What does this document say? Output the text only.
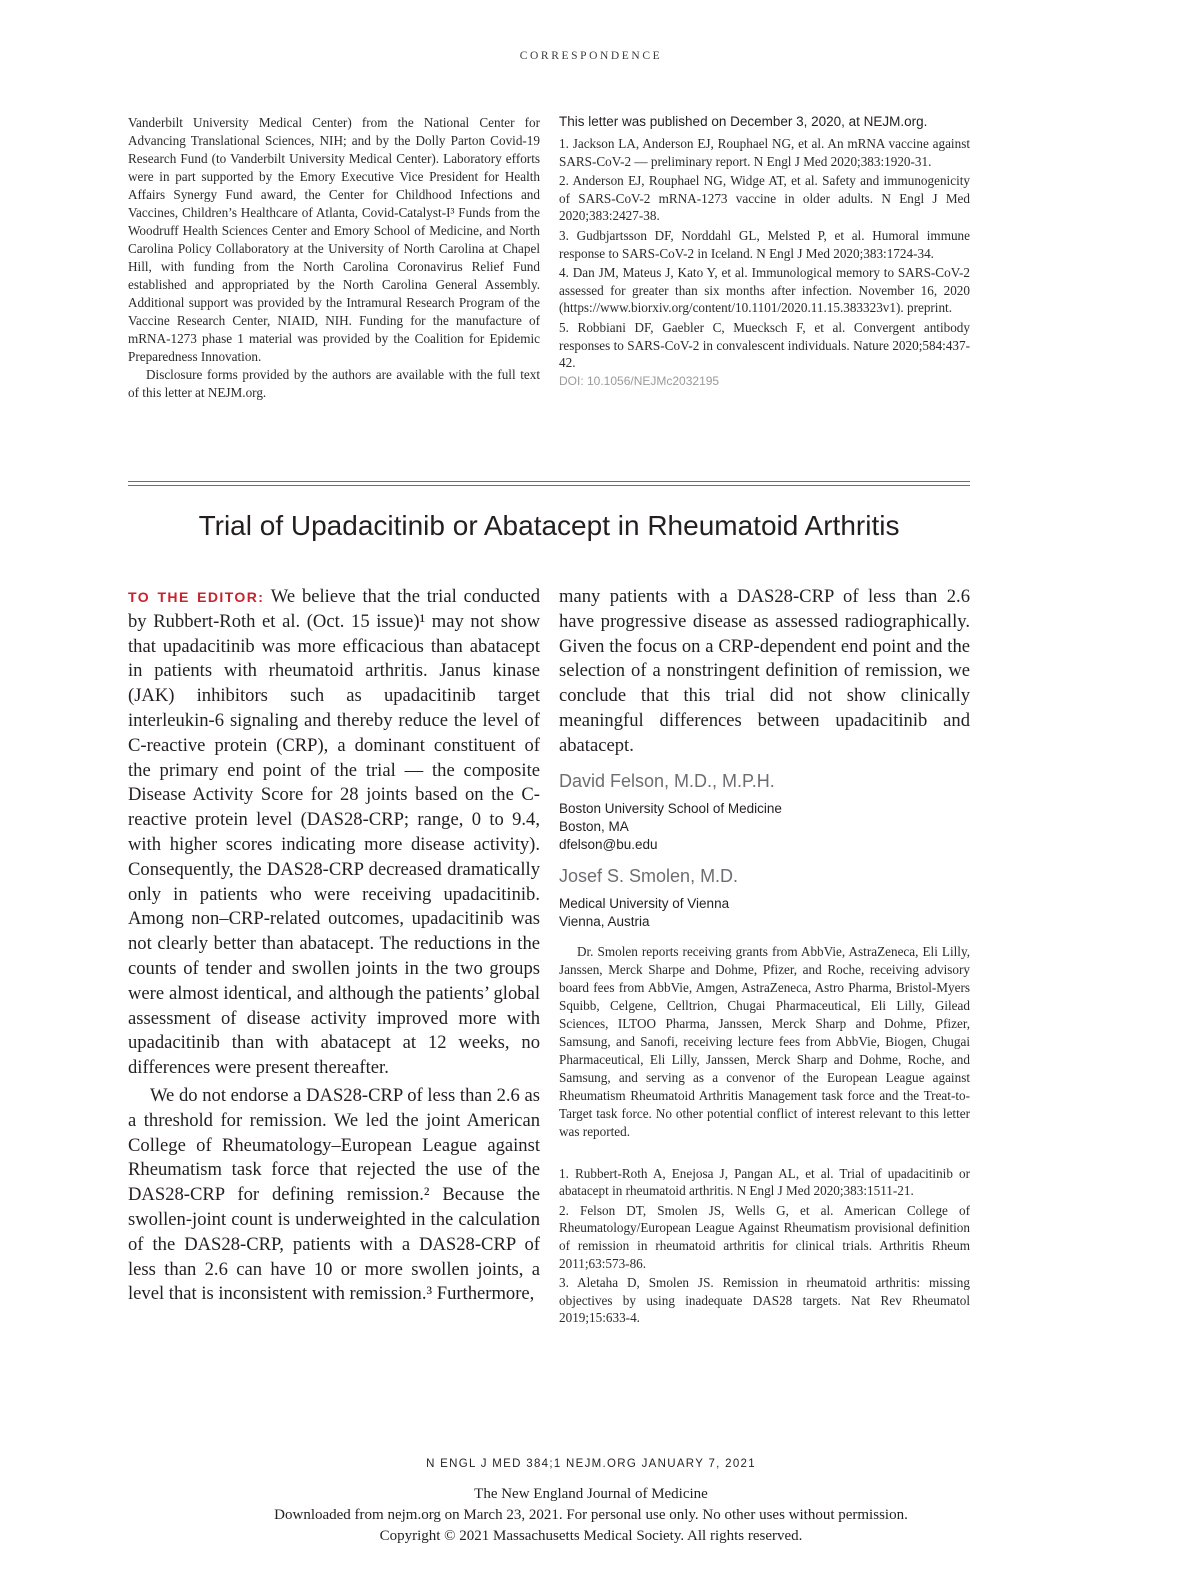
CORRESPONDENCE

Vanderbilt University Medical Center) from the National Center for Advancing Translational Sciences, NIH; and by the Dolly Parton Covid-19 Research Fund (to Vanderbilt University Medical Center). Laboratory efforts were in part supported by the Emory Executive Vice President for Health Affairs Synergy Fund award, the Center for Childhood Infections and Vaccines, Children’s Healthcare of Atlanta, Covid-Catalyst-I³ Funds from the Woodruff Health Sciences Center and Emory School of Medicine, and North Carolina Policy Collaboratory at the University of North Carolina at Chapel Hill, with funding from the North Carolina Coronavirus Relief Fund established and appropriated by the North Carolina General Assembly. Additional support was provided by the Intramural Research Program of the Vaccine Research Center, NIAID, NIH. Funding for the manufacture of mRNA-1273 phase 1 material was provided by the Coalition for Epidemic Preparedness Innovation.

Disclosure forms provided by the authors are available with the full text of this letter at NEJM.org.

This letter was published on December 3, 2020, at NEJM.org.

1. Jackson LA, Anderson EJ, Rouphael NG, et al. An mRNA vaccine against SARS-CoV-2 — preliminary report. N Engl J Med 2020;383:1920-31.

2. Anderson EJ, Rouphael NG, Widge AT, et al. Safety and immunogenicity of SARS-CoV-2 mRNA-1273 vaccine in older adults. N Engl J Med 2020;383:2427-38.

3. Gudbjartsson DF, Norddahl GL, Melsted P, et al. Humoral immune response to SARS-CoV-2 in Iceland. N Engl J Med 2020;383:1724-34.

4. Dan JM, Mateus J, Kato Y, et al. Immunological memory to SARS-CoV-2 assessed for greater than six months after infection. November 16, 2020 (https://www.biorxiv.org/content/10.1101/2020.11.15.383323v1). preprint.

5. Robbiani DF, Gaebler C, Muecksch F, et al. Convergent antibody responses to SARS-CoV-2 in convalescent individuals. Nature 2020;584:437-42.

DOI: 10.1056/NEJMc2032195
Trial of Upadacitinib or Abatacept in Rheumatoid Arthritis

TO THE EDITOR: We believe that the trial conducted by Rubbert-Roth et al. (Oct. 15 issue)¹ may not show that upadacitinib was more efficacious than abatacept in patients with rheumatoid arthritis. Janus kinase (JAK) inhibitors such as upadacitinib target interleukin-6 signaling and thereby reduce the level of C-reactive protein (CRP), a dominant constituent of the primary end point of the trial — the composite Disease Activity Score for 28 joints based on the C-reactive protein level (DAS28-CRP; range, 0 to 9.4, with higher scores indicating more disease activity). Consequently, the DAS28-CRP decreased dramatically only in patients who were receiving upadacitinib. Among non–CRP-related outcomes, upadacitinib was not clearly better than abatacept. The reductions in the counts of tender and swollen joints in the two groups were almost identical, and although the patients’ global assessment of disease activity improved more with upadacitinib than with abatacept at 12 weeks, no differences were present thereafter.

We do not endorse a DAS28-CRP of less than 2.6 as a threshold for remission. We led the joint American College of Rheumatology–European League against Rheumatism task force that rejected the use of the DAS28-CRP for defining remission.² Because the swollen-joint count is underweighted in the calculation of the DAS28-CRP, patients with a DAS28-CRP of less than 2.6 can have 10 or more swollen joints, a level that is inconsistent with remission.³ Furthermore,

many patients with a DAS28-CRP of less than 2.6 have progressive disease as assessed radiographically. Given the focus on a CRP-dependent end point and the selection of a nonstringent definition of remission, we conclude that this trial did not show clinically meaningful differences between upadacitinib and abatacept.
David Felson, M.D., M.P.H.
Boston University School of Medicine
Boston, MA
dfelson@bu.edu
Josef S. Smolen, M.D.
Medical University of Vienna
Vienna, Austria
Dr. Smolen reports receiving grants from AbbVie, AstraZeneca, Eli Lilly, Janssen, Merck Sharpe and Dohme, Pfizer, and Roche, receiving advisory board fees from AbbVie, Amgen, AstraZeneca, Astro Pharma, Bristol-Myers Squibb, Celgene, Celltrion, Chugai Pharmaceutical, Eli Lilly, Gilead Sciences, ILTOO Pharma, Janssen, Merck Sharp and Dohme, Pfizer, Samsung, and Sanofi, receiving lecture fees from AbbVie, Biogen, Chugai Pharmaceutical, Eli Lilly, Janssen, Merck Sharp and Dohme, Roche, and Samsung, and serving as a convenor of the European League against Rheumatism Rheumatoid Arthritis Management task force and the Treat-to-Target task force. No other potential conflict of interest relevant to this letter was reported.

1. Rubbert-Roth A, Enejosa J, Pangan AL, et al. Trial of upadacitinib or abatacept in rheumatoid arthritis. N Engl J Med 2020;383:1511-21.

2. Felson DT, Smolen JS, Wells G, et al. American College of Rheumatology/European League Against Rheumatism provisional definition of remission in rheumatoid arthritis for clinical trials. Arthritis Rheum 2011;63:573-86.

3. Aletaha D, Smolen JS. Remission in rheumatoid arthritis: missing objectives by using inadequate DAS28 targets. Nat Rev Rheumatol 2019;15:633-4.

N ENGL J MED 384;1 NEJM.ORG JANUARY 7, 2021
The New England Journal of Medicine
Downloaded from nejm.org on March 23, 2021. For personal use only. No other uses without permission.
Copyright © 2021 Massachusetts Medical Society. All rights reserved.
